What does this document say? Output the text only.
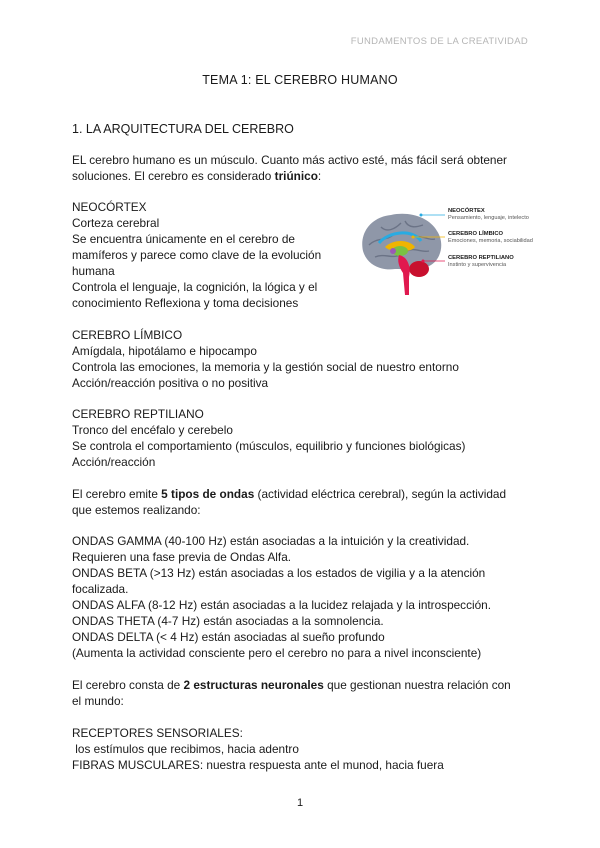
FUNDAMENTOS DE LA CREATIVIDAD
TEMA 1: EL CEREBRO HUMANO
1. LA ARQUITECTURA DEL CEREBRO

EL cerebro humano es un músculo. Cuanto más activo esté, más fácil será obtener

soluciones. El cerebro es considerado triúnico:

NEOCÓRTEX

Corteza cerebral

Se encuentra únicamente en el cerebro de

mamíferos y parece como clave de la evolución

humana

Controla el lenguaje, la cognición, la lógica y el

conocimiento Reflexiona y toma decisiones

NEOCÓRTEX
Pensamiento, lenguaje, intelecto
CEREBRO LÍMBICO
Emociones, memoria, sociabilidad
CEREBRO REPTILIANO
Instinto y supervivencia

CEREBRO LÍMBICO

Amígdala, hipotálamo e hipocampo

Controla las emociones, la memoria y la gestión social de nuestro entorno

Acción/reacción positiva o no positiva

CEREBRO REPTILIANO

Tronco del encéfalo y cerebelo

Se controla el comportamiento (músculos, equilibrio y funciones biológicas)

Acción/reacción

El cerebro emite 5 tipos de ondas (actividad eléctrica cerebral), según la actividad

que estemos realizando:

ONDAS GAMMA (40-100 Hz) están asociadas a la intuición y la creatividad.

Requieren una fase previa de Ondas Alfa.

ONDAS BETA (>13 Hz) están asociadas a los estados de vigilia y a la atención

focalizada.

ONDAS ALFA (8-12 Hz) están asociadas a la lucidez relajada y la introspección.

ONDAS THETA (4-7 Hz) están asociadas a la somnolencia.

ONDAS DELTA (< 4 Hz) están asociadas al sueño profundo

(Aumenta la actividad consciente pero el cerebro no para a nivel inconsciente)

El cerebro consta de 2 estructuras neuronales que gestionan nuestra relación con

el mundo:

RECEPTORES SENSORIALES:

los estímulos que recibimos, hacia adentro

FIBRAS MUSCULARES: nuestra respuesta ante el munod, hacia fuera

1
